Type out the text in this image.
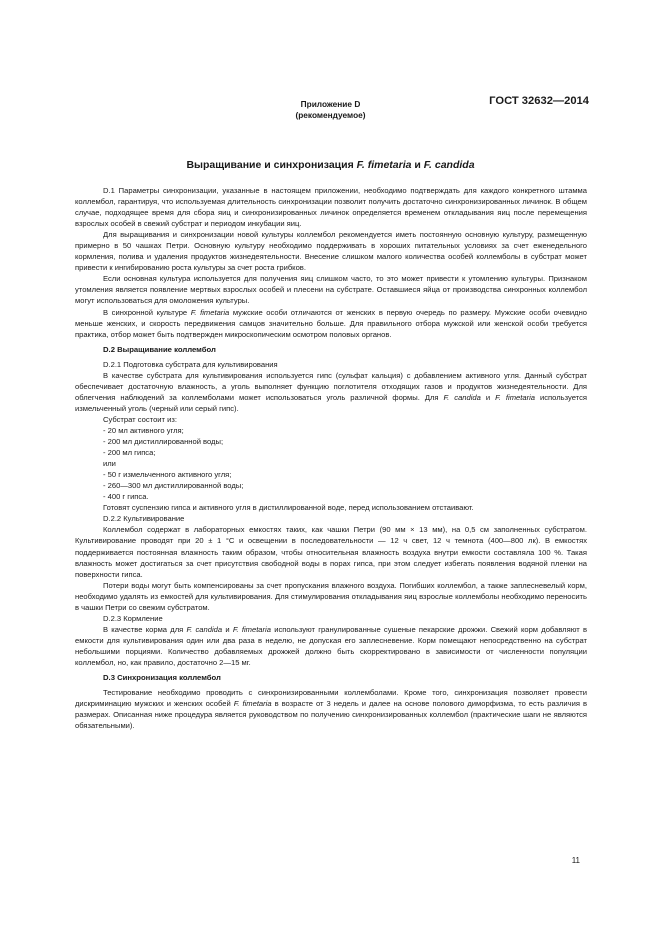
ГОСТ 32632—2014
Приложение D
(рекомендуемое)
Выращивание и синхронизация F. fimetaria и F. candida

D.1 Параметры синхронизации, указанные в настоящем приложении, необходимо подтверждать для каждого конкретного штамма коллембол, гарантируя, что используемая длительность синхронизации позволит получить достаточно синхронизированных личинок. В общем случае, подходящее время для сбора яиц и синхронизированных личинок определяется временем откладывания яиц после перемещения взрослых особей в свежий субстрат и периодом инкубации яиц.

Для выращивания и синхронизации новой культуры коллембол рекомендуется иметь постоянную основную культуру, размещенную примерно в 50 чашках Петри. Основную культуру необходимо поддерживать в хороших питательных условиях за счет еженедельного кормления, полива и удаления продуктов жизнедеятельности. Внесение слишком малого количества особей коллемболы в субстрат может привести к ингибированию роста культуры за счет роста грибков.

Если основная культура используется для получения яиц слишком часто, то это может привести к утомлению культуры. Признаком утомления является появление мертвых взрослых особей и плесени на субстрате. Оставшиеся яйца от производства синхронных коллембол могут использоваться для омоложения культуры.

В синхронной культуре F. fimetaria мужские особи отличаются от женских в первую очередь по размеру. Мужские особи очевидно меньше женских, и скорость передвижения самцов значительно больше. Для правильного отбора мужской или женской особи требуется практика, отбор может быть подтвержден микроскопическим осмотром половых органов.

D.2 Выращивание коллембол

D.2.1 Подготовка субстрата для культивирования

В качестве субстрата для культивирования используется гипс (сульфат кальция) с добавлением активного угля. Данный субстрат обеспечивает достаточную влажность, а уголь выполняет функцию поглотителя отходящих газов и продуктов жизнедеятельности. Для облегчения наблюдений за коллемболами может использоваться уголь различной формы. Для F. candida и F. fimetaria используется измельченный уголь (черный или серый гипс).

Субстрат состоит из:

- 20 мл активного угля;

- 200 мл дистиллированной воды;

- 200 мл гипса;

или

- 50 г измельченного активного угля;

- 260—300 мл дистиллированной воды;

- 400 г гипса.

Готовят суспензию гипса и активного угля в дистиллированной воде, перед использованием отстаивают.

D.2.2 Культивирование

Коллембол содержат в лабораторных емкостях таких, как чашки Петри (90 мм × 13 мм), на 0,5 см заполненных субстратом. Культивирование проводят при 20 ± 1 °С и освещении в последовательности — 12 ч свет, 12 ч темнота (400—800 лк). В емкостях поддерживается постоянная влажность таким образом, чтобы относительная влажность воздуха внутри емкости составляла 100 %. Такая влажность может достигаться за счет присутствия свободной воды в порах гипса, при этом следует избегать появления водяной пленки на поверхности гипса.

Потери воды могут быть компенсированы за счет пропускания влажного воздуха. Погибших коллембол, а также заплесневелый корм, необходимо удалять из емкостей для культивирования. Для стимулирования откладывания яиц взрослые коллемболы необходимо переносить в чашки Петри со свежим субстратом.

D.2.3 Кормление

В качестве корма для F. candida и F. fimetaria используют гранулированные сушеные пекарские дрожжи. Свежий корм добавляют в емкости для культивирования один или два раза в неделю, не допуская его заплесневение. Корм помещают непосредственно на субстрат небольшими порциями. Количество добавляемых дрожжей должно быть скорректировано в зависимости от численности популяции коллембол, но, как правило, достаточно 2—15 мг.

D.3 Синхронизация коллембол

Тестирование необходимо проводить с синхронизированными коллемболами. Кроме того, синхронизация позволяет провести дискриминацию мужских и женских особей F. fimetaria в возрасте от 3 недель и далее на основе полового диморфизма, то есть различия в размерах. Описанная ниже процедура является руководством по получению синхронизированных коллембол (практические шаги не являются обязательными).

11
